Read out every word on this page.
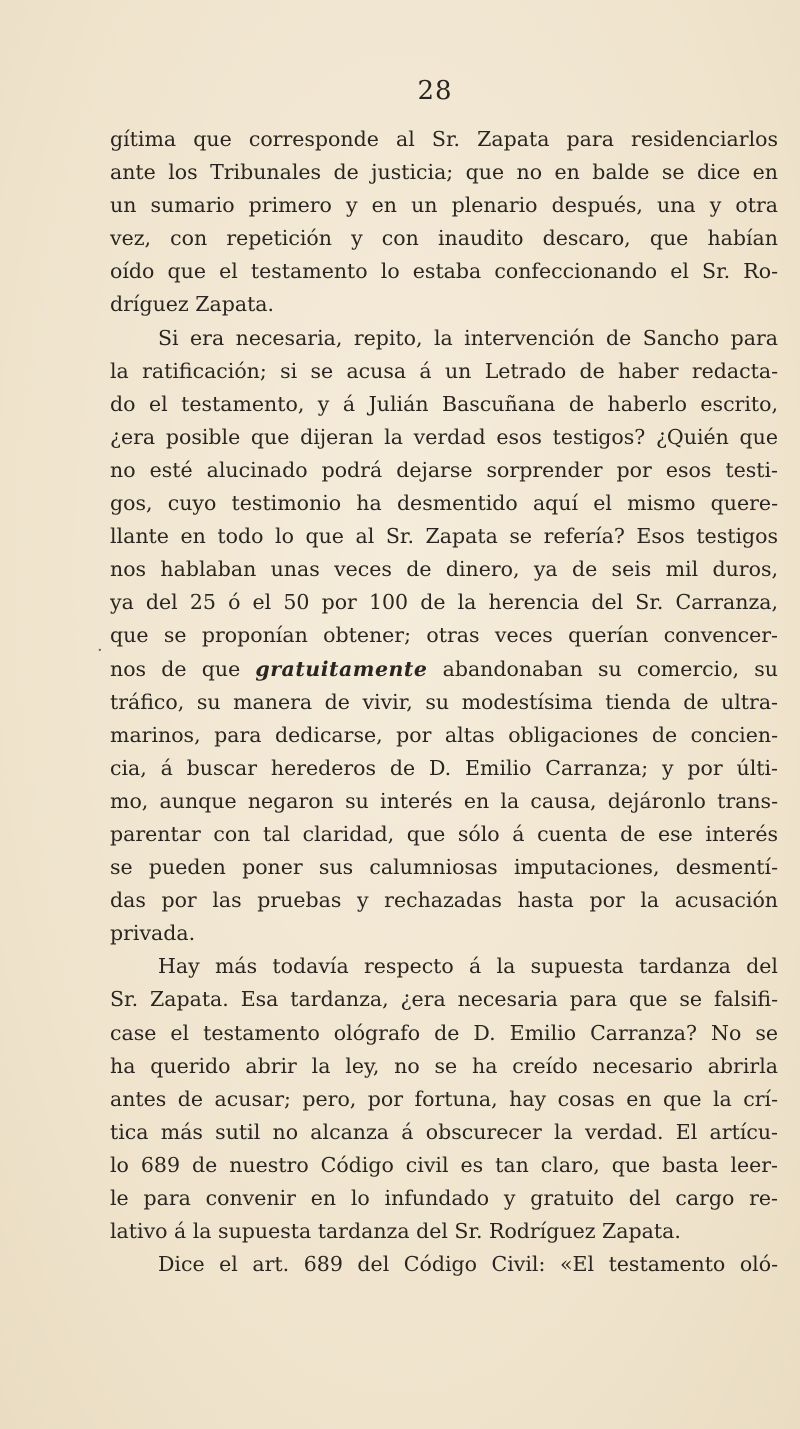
28
gítima que corresponde al Sr. Zapata para residenciarlos
ante los Tribunales de justicia; que no en balde se dice en
un sumario primero y en un plenario después, una y otra
vez, con repetición y con inaudito descaro, que habían
oído que el testamento lo estaba confeccionando el Sr. Ro-
dríguez Zapata.
Si era necesaria, repito, la intervención de Sancho para
la ratificación; si se acusa á un Letrado de haber redacta-
do el testamento, y á Julián Bascuñana de haberlo escrito,
¿era posible que dijeran la verdad esos testigos? ¿Quién que
no esté alucinado podrá dejarse sorprender por esos testi-
gos, cuyo testimonio ha desmentido aquí el mismo quere-
llante en todo lo que al Sr. Zapata se refería? Esos testigos
nos hablaban unas veces de dinero, ya de seis mil duros,
ya del 25 ó el 50 por 100 de la herencia del Sr. Carranza,
que se proponían obtener; otras veces querían convencer-
nos de que gratuitamente abandonaban su comercio, su
tráfico, su manera de vivir, su modestísima tienda de ultra-
marinos, para dedicarse, por altas obligaciones de concien-
cia, á buscar herederos de D. Emilio Carranza; y por últi-
mo, aunque negaron su interés en la causa, dejáronlo trans-
parentar con tal claridad, que sólo á cuenta de ese interés
se pueden poner sus calumniosas imputaciones, desmentí-
das por las pruebas y rechazadas hasta por la acusación
privada.
Hay más todavía respecto á la supuesta tardanza del
Sr. Zapata. Esa tardanza, ¿era necesaria para que se falsifi-
case el testamento ológrafo de D. Emilio Carranza? No se
ha querido abrir la ley, no se ha creído necesario abrirla
antes de acusar; pero, por fortuna, hay cosas en que la crí-
tica más sutil no alcanza á obscurecer la verdad. El artícu-
lo 689 de nuestro Código civil es tan claro, que basta leer-
le para convenir en lo infundado y gratuito del cargo re-
lativo á la supuesta tardanza del Sr. Rodríguez Zapata.
Dice el art. 689 del Código Civil: «El testamento oló-
·
